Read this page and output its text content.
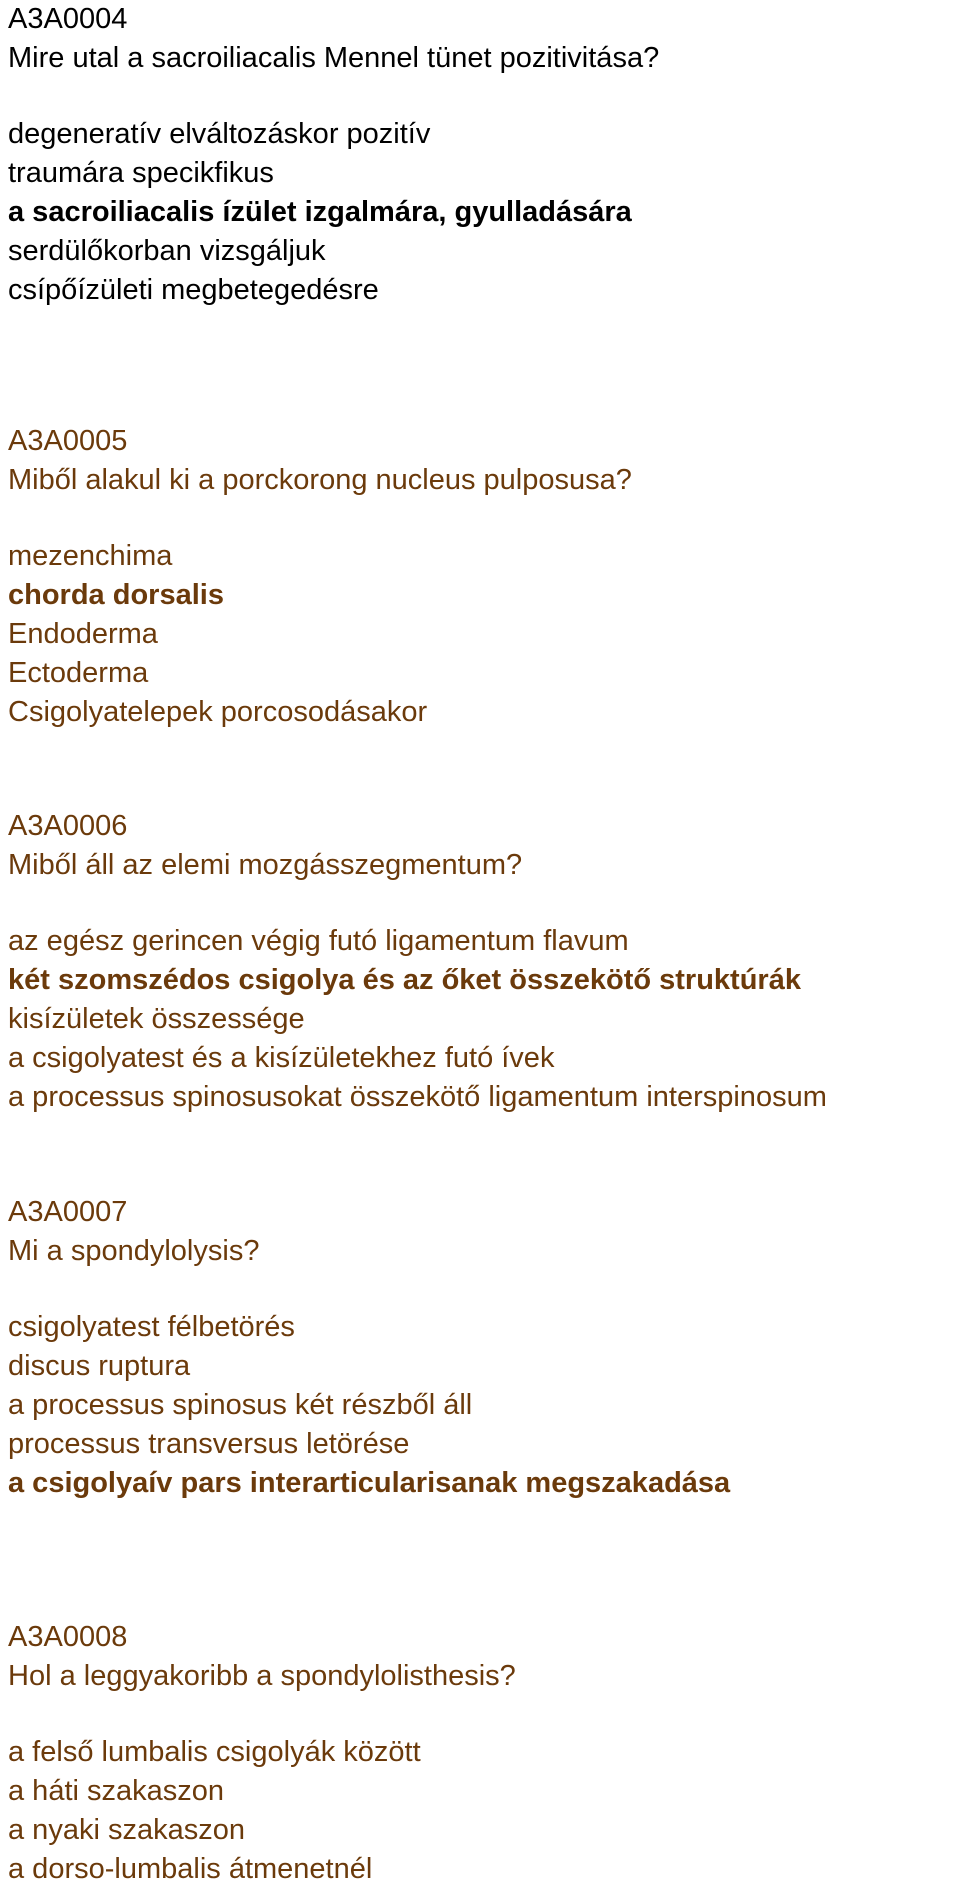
A3A0004
Mire utal a sacroiliacalis Mennel tünet pozitivitása?
degeneratív elváltozáskor pozitív
traumára specikfikus
a sacroiliacalis ízület izgalmára, gyulladására
serdülőkorban vizsgáljuk
csípőízületi megbetegedésre
A3A0005
Miből alakul ki a porckorong nucleus pulposusa?
mezenchima
chorda dorsalis
Endoderma
Ectoderma
Csigolyatelepek porcosodásakor
A3A0006
Miből áll az elemi mozgásszegmentum?
az egész gerincen végig futó ligamentum flavum
két szomszédos csigolya és az őket összekötő struktúrák
kisízületek összessége
a csigolyatest és a kisízületekhez futó ívek
a processus spinosusokat összekötő ligamentum interspinosum
A3A0007
Mi a spondylolysis?
csigolyatest félbetörés
discus ruptura
a processus spinosus két részből áll
processus transversus letörése
a csigolyaív pars interarticularisanak megszakadása
A3A0008
Hol a leggyakoribb a spondylolisthesis?
a felső lumbalis csigolyák között
a háti szakaszon
a nyaki szakaszon
a dorso-lumbalis átmenetnél
